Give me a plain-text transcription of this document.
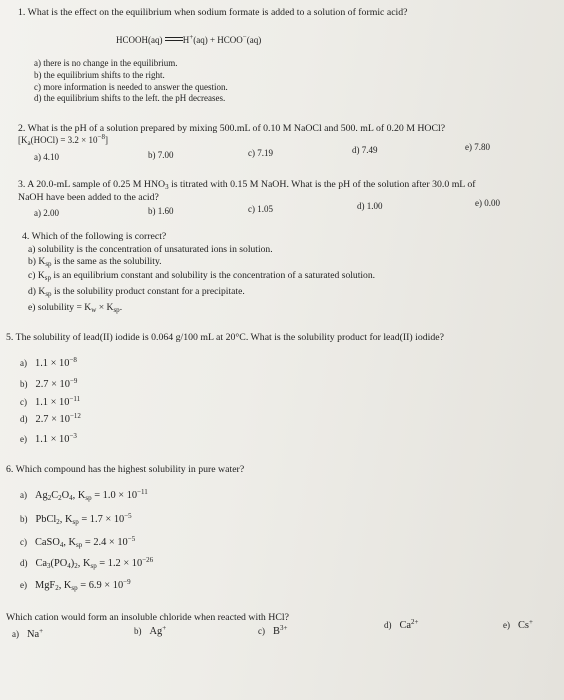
1. What is the effect on the equilibrium when sodium formate is added to a solution of formic acid?
HCOOH(aq) H+(aq) + HCOO−(aq)
a) there is no change in the equilibrium.
b) the equilibrium shifts to the right.
c) more information is needed to answer the question.
d) the equilibrium shifts to the left. the pH decreases.
2. What is the pH of a solution prepared by mixing 500.mL of 0.10 M NaOCl and 500. mL of 0.20 M HOCl?
$[K_a(HOCl) = 3.2 \times 10^{-8}]$
a) 4.10	b) 7.00	c) 7.19	d) 7.49	e) 7.80
3. A 20.0-mL sample of 0.25 M $HNO_3$ is titrated with 0.15 M NaOH. What is the pH of the solution after 30.0 mL of
NaOH have been added to the acid?
a) 2.00	b) 1.60	c) 1.05	d) 1.00	e) 0.00
4. Which of the following is correct?
a) solubility is the concentration of unsaturated ions in solution.
b) $K_{sp}$ is the same as the solubility.
c) $K_{sp}$ is an equilibrium constant and solubility is the concentration of a saturated solution.
d) $K_{sp}$ is the solubility product constant for a precipitate.
e) solubility = $K_w \times K_{sp}$.
5. The solubility of lead(II) iodide is 0.064 g/100 mL at 20°C. What is the solubility product for lead(II) iodide?
a) $1.1 \times 10^{-8}$
b) $2.7 \times 10^{-9}$
c) $1.1 \times 10^{-11}$
d) $2.7 \times 10^{-12}$
e) $1.1 \times 10^{-3}$
6. Which compound has the highest solubility in pure water?
a) $Ag_2C_2O_4$, $K_{sp} = 1.0 \times 10^{-11}$
b) PbCl$_2$, $K_{sp} = 1.7 \times 10^{-5}$
c) CaSO$_4$, $K_{sp} = 2.4 \times 10^{-5}$
d) $Ca_3(PO_4)_2$, $K_{sp} = 1.2 \times 10^{-26}$
e) MgF$_2$, $K_{sp} = 6.9 \times 10^{-9}$
Which cation would form an insoluble chloride when reacted with HCl?
a) Na+	b) Ag+	c) $B^{3+}$	d) $Ca^{2+}$	e) Cs+
